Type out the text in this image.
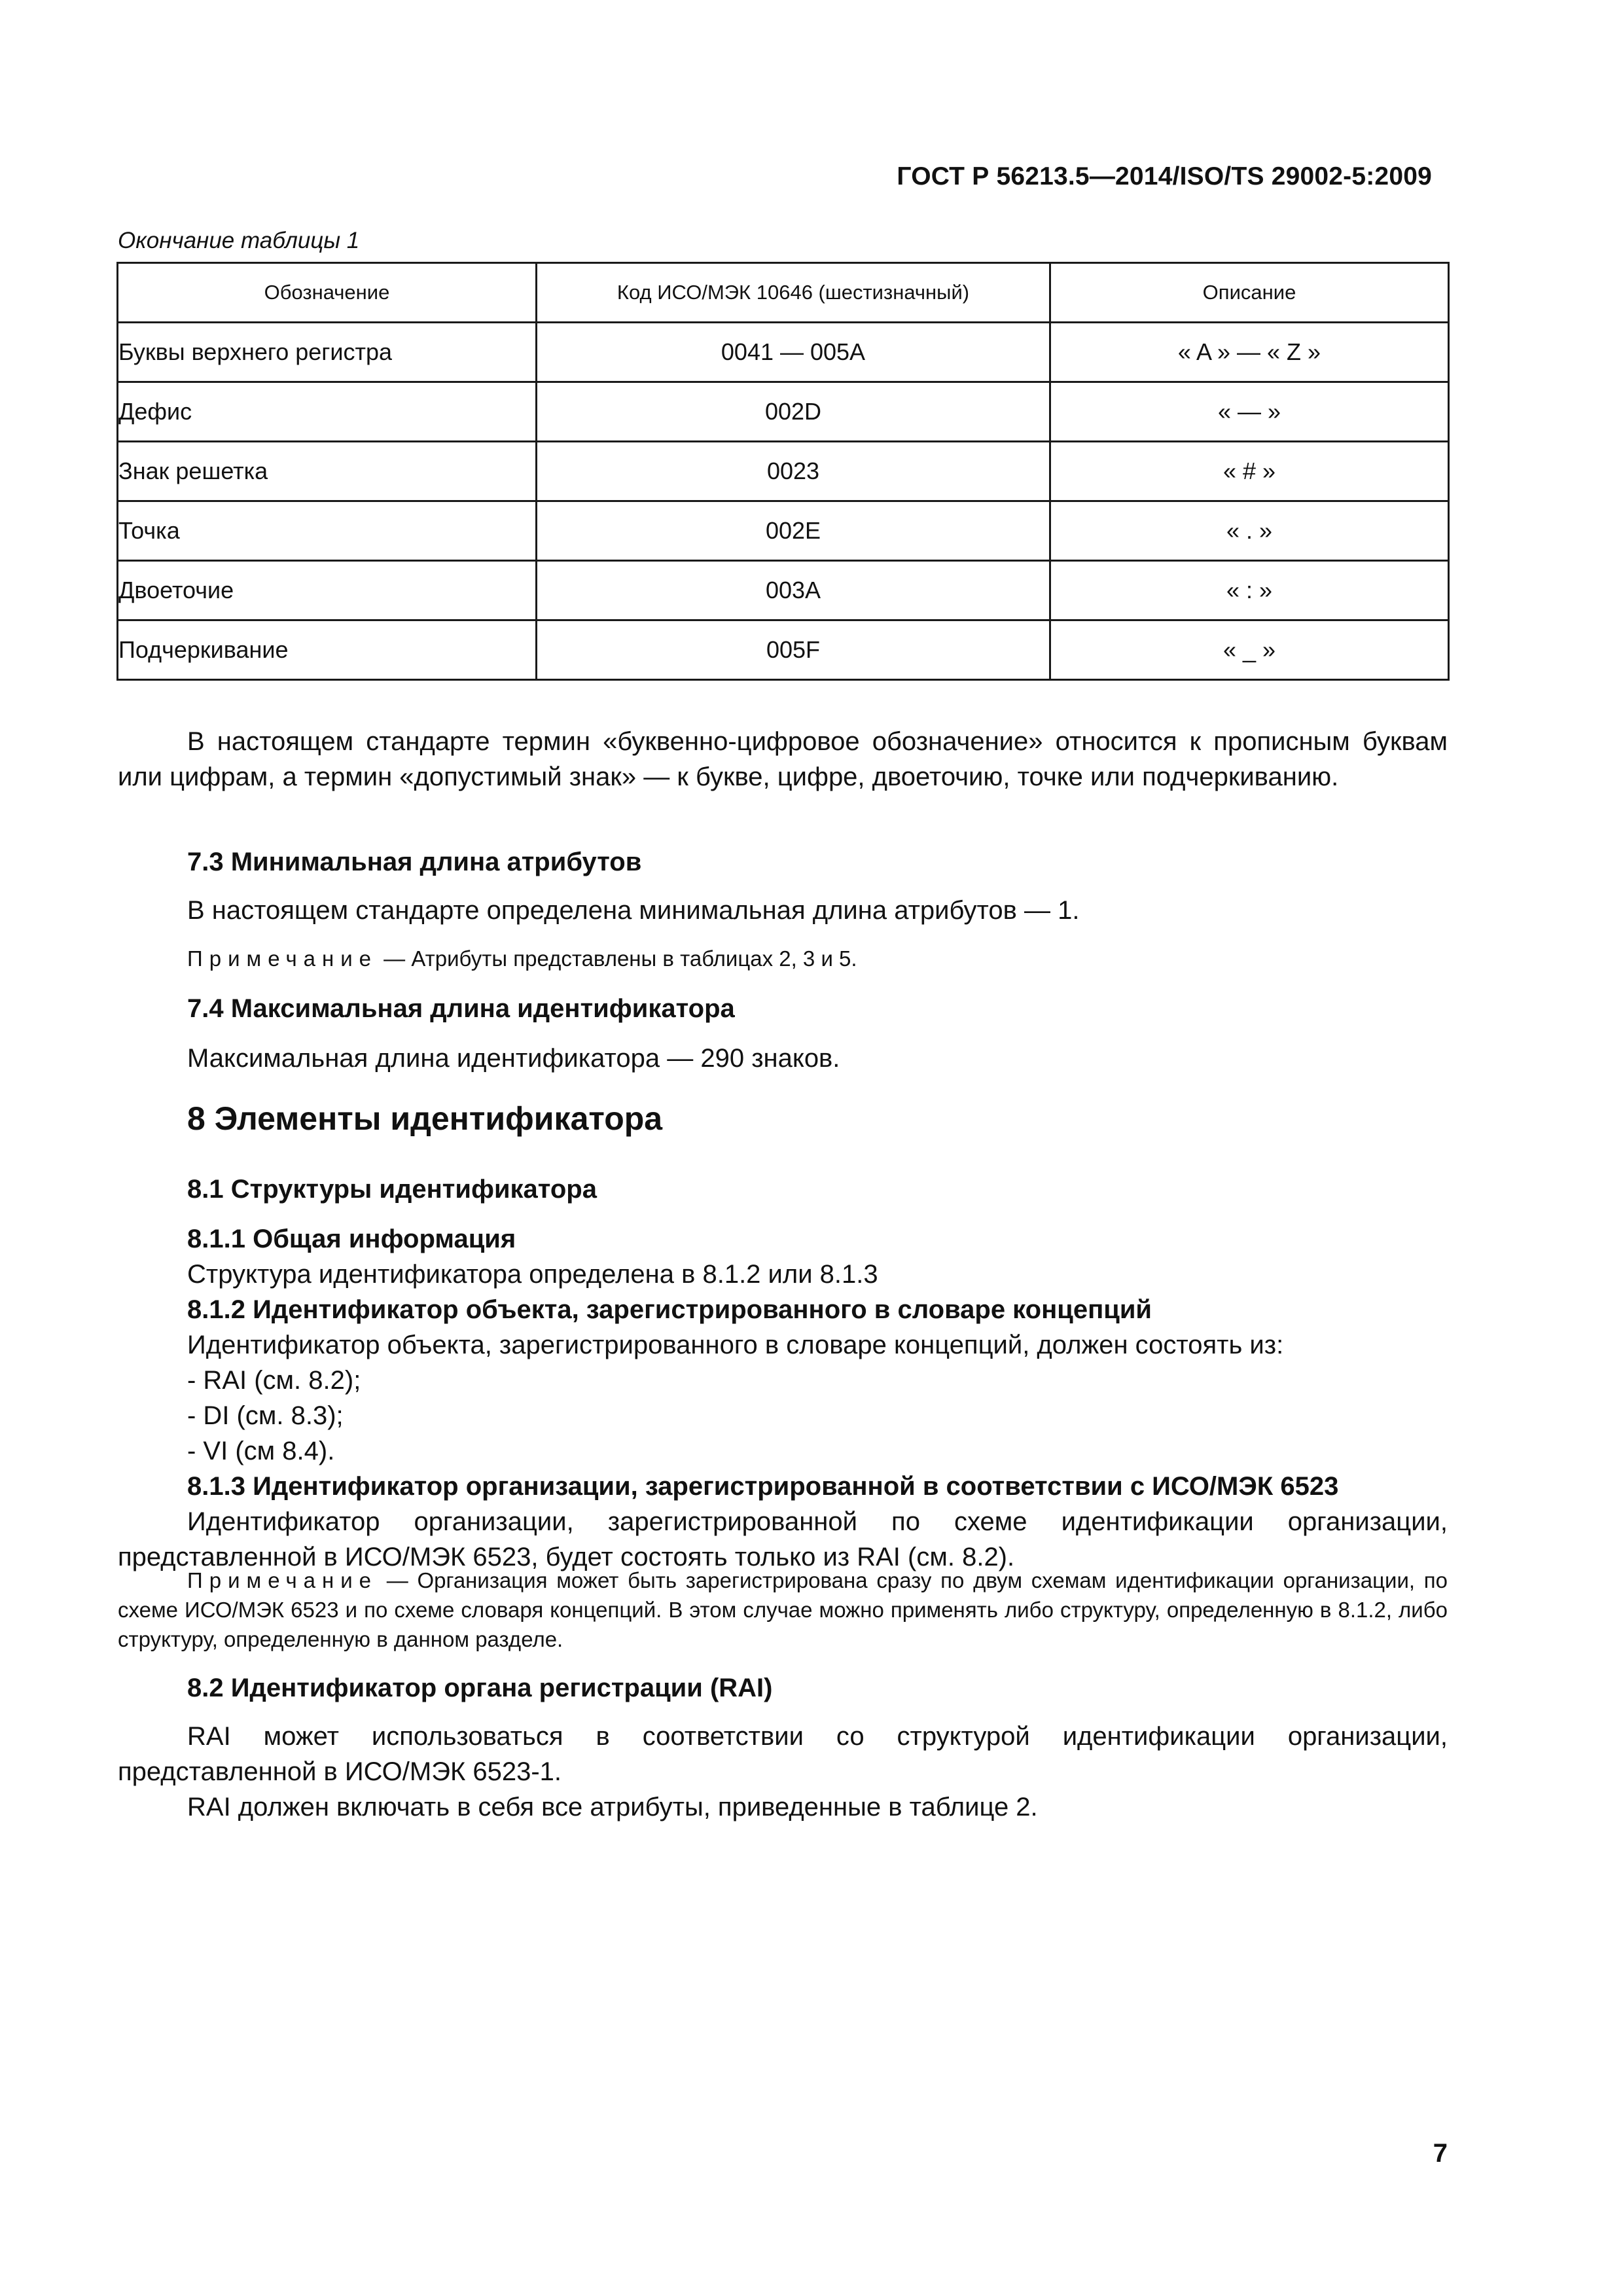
ГОСТ Р 56213.5—2014/ISO/TS 29002-5:2009
Окончание таблицы 1
Обозначение	Код ИСО/МЭК 10646 (шестизначный)	Описание
Буквы верхнего регистра	0041 — 005A	« A » — « Z »
Дефис	002D	« — »
Знак решетка	0023	« # »
Точка	002E	« . »
Двоеточие	003A	« : »
Подчеркивание	005F	« _ »

В настоящем стандарте термин «буквенно-цифровое обозначение» относится к прописным буквам или цифрам, а термин «допустимый знак» — к букве, цифре, двоеточию, точке или подчеркиванию.

7.3 Минимальная длина атрибутов

В настоящем стандарте определена минимальная длина атрибутов — 1.

Примечание — Атрибуты представлены в таблицах 2, 3 и 5.

7.4 Максимальная длина идентификатора

Максимальная длина идентификатора — 290 знаков.

8 Элементы идентификатора

8.1 Структуры идентификатора

8.1.1 Общая информация

Структура идентификатора определена в 8.1.2 или 8.1.3

8.1.2 Идентификатор объекта, зарегистрированного в словаре концепций

Идентификатор объекта, зарегистрированного в словаре концепций, должен состоять из:

- RAI (см. 8.2);

- DI (см. 8.3);

- VI (см 8.4).

8.1.3 Идентификатор организации, зарегистрированной в соответствии с ИСО/МЭК 6523

Идентификатор организации, зарегистрированной по схеме идентификации организации, представленной в ИСО/МЭК 6523, будет состоять только из RAI (см. 8.2).

Примечание — Организация может быть зарегистрирована сразу по двум схемам идентификации организации, по схеме ИСО/МЭК 6523 и по схеме словаря концепций. В этом случае можно применять либо структуру, определенную в 8.1.2, либо структуру, определенную в данном разделе.

8.2 Идентификатор органа регистрации (RAI)

RAI может использоваться в соответствии со структурой идентификации организации, представленной в ИСО/МЭК 6523-1.

RAI должен включать в себя все атрибуты, приведенные в таблице 2.

7
